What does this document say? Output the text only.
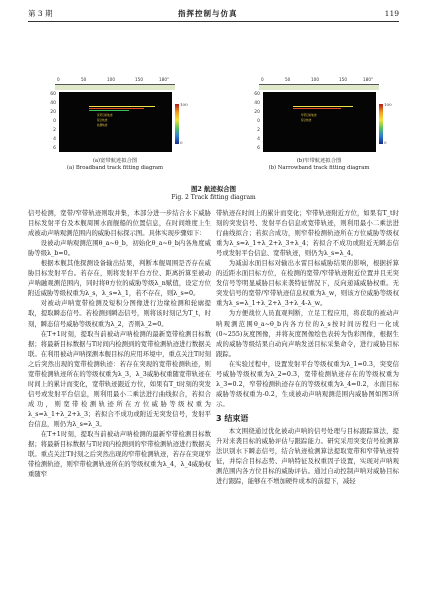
第 3 期	指挥控制与仿真	119
0	50	100	150	180°	0	50	100	150	180°
60
40
20
0
2
4
6
60
40
20
0
2
4
6
宽带目标轨迹
拟合轨迹
检测轨迹
100
0
窄带目标轨迹
拟合轨迹
100
0
(a)宽带航迹拟合图
(a) Broadband track fitting diagram
(b)窄带航迹拟合图
(b) Narrowband track fitting diagram
图2 航迹拟合图
Fig. 2 Track fitting diagram

信号检测，宽带/窄带轨迹则取并集，本部分进一步结合水下威胁目标发射平台及本舰周围水面舰船的位置信息，在时间维度上生成被动声呐观测范围内的威胁目标探示图。具体实现步骤如下：

设被动声呐观测范围θ_a~θ_b，初始化θ_a~θ_b内各角度威胁等级λ_b=0。

根据本舰其他探测设备输出结果，判断本舰周围是否存在威胁目标发射平台。若存在，则将发射平台方位、距离折算至被动声呐融观测范围内，同时将θ方位的威胁等级λ_n赋值，设定方位附近威胁等级权重为λ_s，λ_s=λ_1，若不存在，则λ_s=0。

对被动声呐宽带检测及短积分图像进行边缘检测和轮廓提取，提取瞬态信号。若检测到瞬态信号，则将该时刻记为T_t，时刻，瞬态信号威胁等级权重为λ_2，否则λ_2=0。

在T+1时刻，提取当前被动声呐检测的最新宽带检测目标数据；将最新目标数据与T时间内检测到的宽带检测轨迹进行数据关联。在利用被动声呐探测本舰目标的应用环境中，重点关注T时刻之后突然出现的宽带检测轨迹：若存在突现的宽带检测轨迹，则宽带检测轨迹所在的等级权重为λ_3，λ_3威胁权重随宽带轨迹在时间上的累计而变化，宽带轨迹跟近方位，如果有T_t时刻的突发信号或发射平台信息，则利用最小二乘法进行曲线拟合，若拟合成功，则宽带检测轨迹所在方位威胁等级权重为λ_s=λ_1+λ_2+λ_3；若拟合不成功或附近无突发信号，发射平台信息，则仍为λ_s=λ_3。

在T+1时刻，提取当前被动声呐检测的最新窄带检测目标数据；将最新目标数据与T时间内检测到的窄带检测轨迹进行数据关联。重点关注T时刻之后突然出现的窄带检测轨迹，若存在突现窄带检测轨迹，则窄带检测轨迹所在的等级权重为λ_4，λ_4威胁权重随窄

带轨迹在时间上的累计而变化；窄带轨迹附近方位，如果有T_t时刻的突发信号、发射平台信息或宽带轨迹，则利用最小二乘法进行曲线拟合；若拟合成功，则窄带检测轨迹所在方位威胁等级权重为λ_s=λ_1+λ_2+λ_3+λ_4；若拟合不成功或附近无瞬态信号或发射平台信息、宽带轨迹，则仍为λ_s=λ_4。

为减弱水面目标对输出水雷目标威胁结果的影响，根据折算的近距水面目标方位，在检测的宽带/窄带轨迹附近位置并且无突发信号等明显威胁目标来袭特征情况下，反向递减威胁权重。无突发信号的宽带/窄带轨迹信息权重为λ_w，则该方位威胁等级权重为λ_s=λ_1+λ_2+λ_3+λ_4-λ_w。

为方便战位人员直观判断，立足工程应用，将获取的被动声呐观测范围θ_a~θ_b内各方位的λ_s按时间历程归一化成(0~255)灰度图像，并将灰度图像绘色表转为伪彩图像，根据生成的威胁等级结果自动向声呐发送目标采集命令，进行威胁目标跟踪。

在实验过程中，设置发射平台等级权重为λ_1=0.3，突变信号威胁等级权重为λ_2=0.3，宽带检测轨迹存在的等级权重为λ_3=0.2，窄带检测轨迹存在的等级权重为λ_4=0.2，水面目标威胁等级权重为-0.2，生成被动声呐观测范围内威胁图如图3所示。

3 结束语

本文围绕通过优化被动声呐的信号处理与目标跟踪算法，提升对来袭目标的威胁评估与跟踪能力。研究采用突变信号检测算法识别水下瞬态信号，结合轨迹检测算法提取宽带和窄带轨迹特征，并综合目标态势、声呐特征及权重因子设置，实现对声呐观测范围内各方位目标的威胁评估。通过自动控制声呐对威胁目标进行跟踪，能够在不增加硬件成本的前提下，减轻
